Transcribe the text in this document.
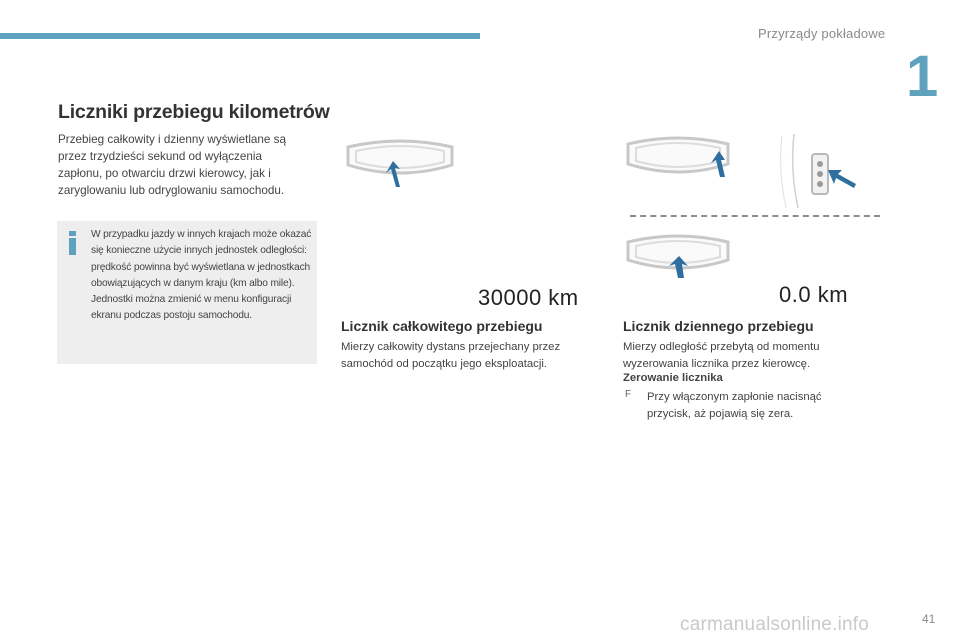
Przyrządy pokładowe
1
Liczniki przebiegu kilometrów
Przebieg całkowity i dzienny wyświetlane są przez trzydzieści sekund od wyłączenia zapłonu, po otwarciu drzwi kierowcy, jak i zaryglowaniu lub odryglowaniu samochodu.
W przypadku jazdy w innych krajach może okazać się konieczne użycie innych jednostek odległości: prędkość powinna być wyświetlana w jednostkach obowiązujących w danym kraju (km albo mile).
Jednostki można zmienić w menu konfiguracji ekranu podczas postoju samochodu.
30000 km	0.0 km
Licznik całkowitego przebiegu
Mierzy całkowity dystans przejechany przez samochód od początku jego eksploatacji.
Licznik dziennego przebiegu
Mierzy odległość przebytą od momentu wyzerowania licznika przez kierowcę.
Zerowanie licznika
F Przy włączonym zapłonie nacisnąć przycisk, aż pojawią się zera.
carmanualsonline.info	41
